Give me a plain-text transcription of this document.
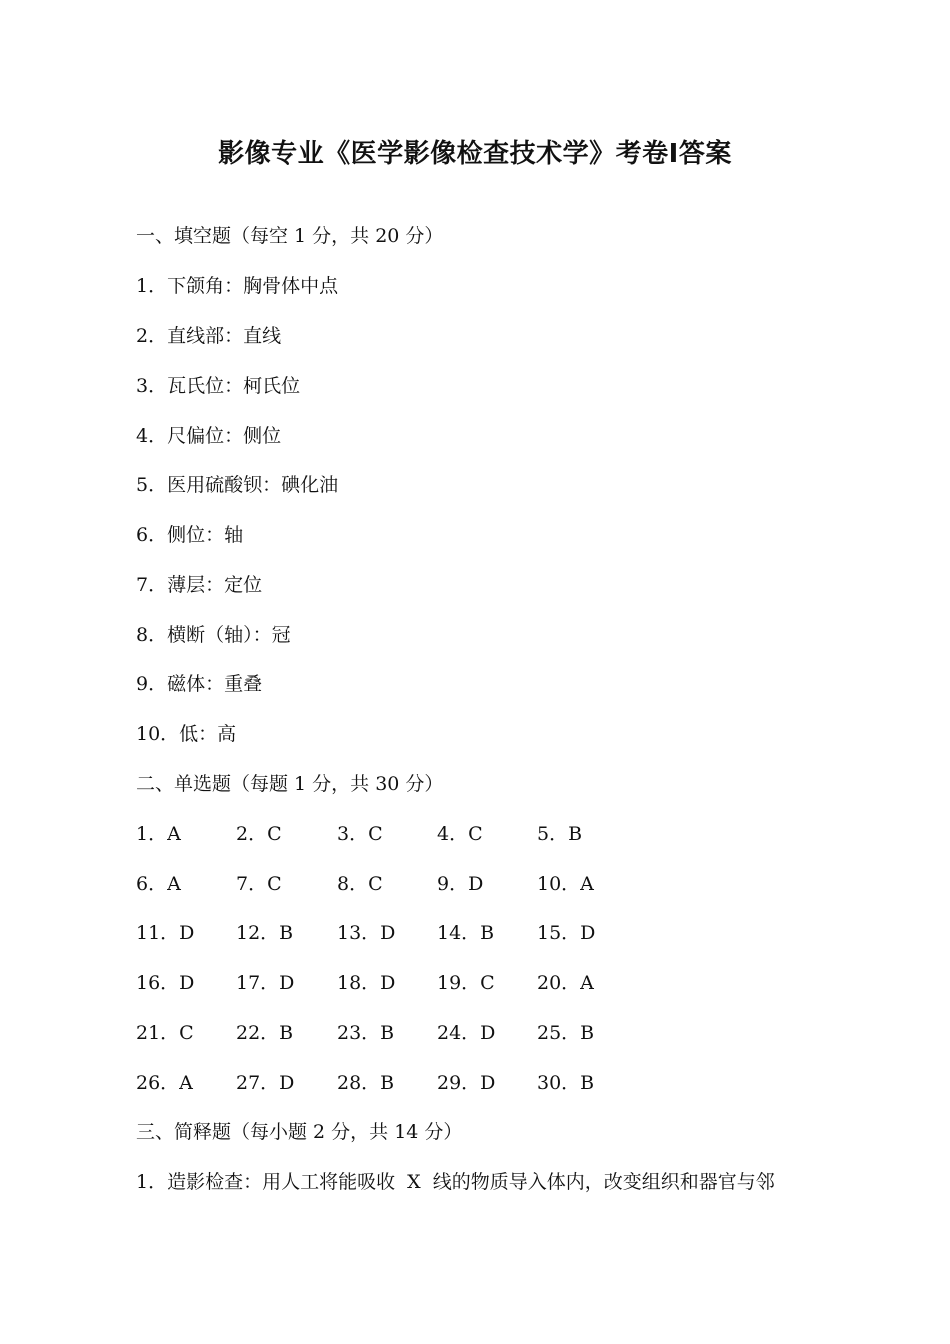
影像专业《医学影像检查技术学》考卷Ⅰ答案
一、填空题（每空 1 分，共 20 分）
1．下颌角：胸骨体中点
2．直线部：直线
3．瓦氏位：柯氏位
4．尺偏位：侧位
5．医用硫酸钡：碘化油
6．侧位：轴
7．薄层：定位
8．横断（轴）：冠
9．磁体：重叠
10．低：高
二、单选题（每题 1 分，共 30 分）
1．A	2．C	3．C	4．C	5．B
6．A	7．C	8．C	9．D	10．A
11．D 12．B 13．D 14．B 15．D
16．D 17．D 18．D 19．C 20．A
21．C 22．B 23．B 24．D 25．B
26．A 27．D 28．B 29．D 30．B
三、简释题（每小题 2 分，共 14 分）
1．造影检查：用人工将能吸收  X  线的物质导入体内，改变组织和器官与邻
